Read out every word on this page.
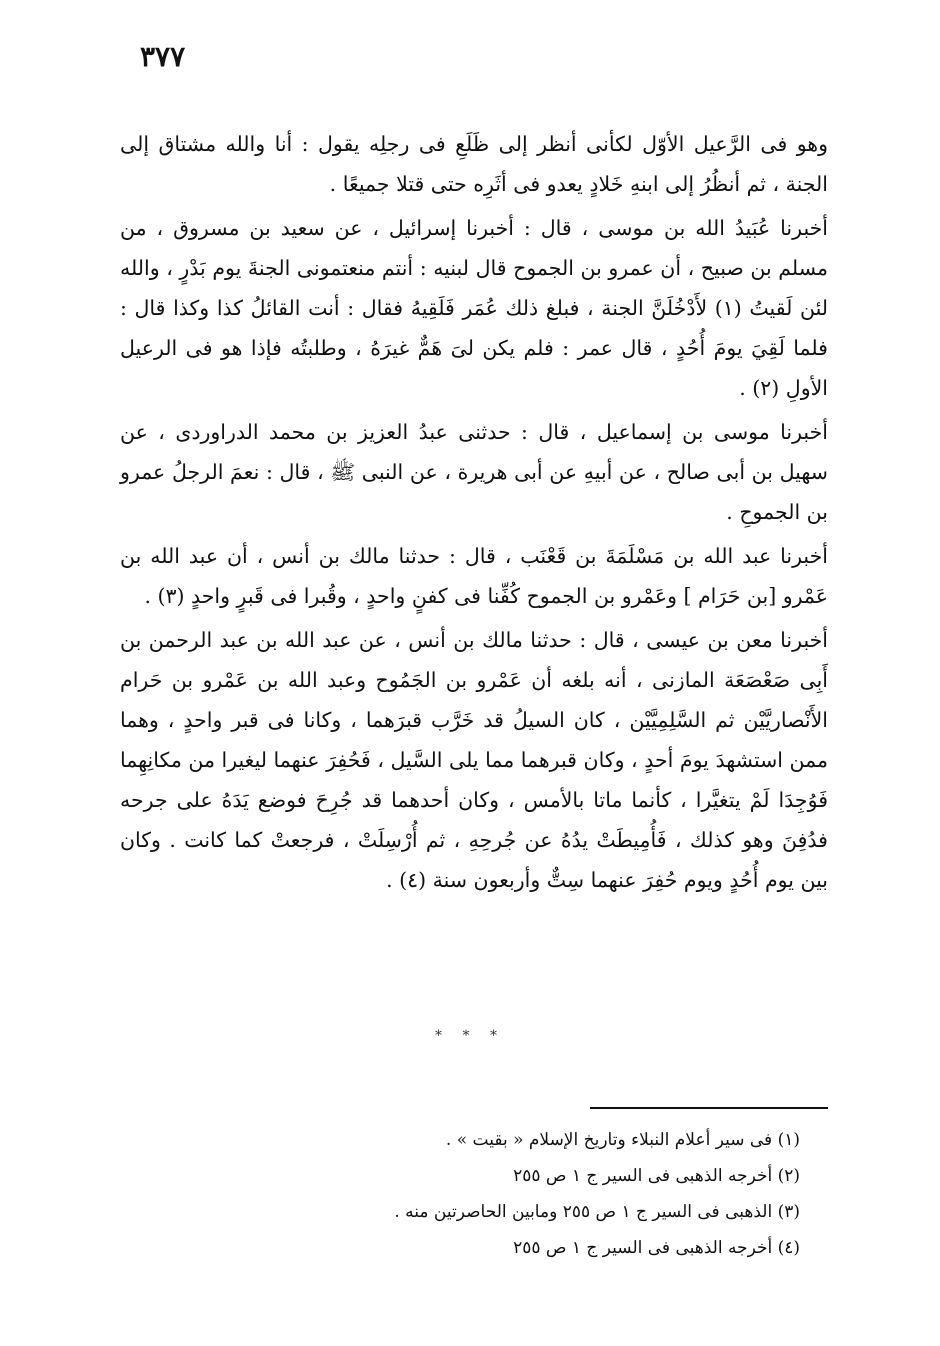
٣٧٧

وهو فى الرَّعيل الأوّل لكأنى أنظر إلى ظَلَعِ فى رجلِه يقول : أنا والله مشتاق إلى الجنة ، ثم أنظُرُ إلى ابنهِ خَلادٍ يعدو فى أثَرِه حتى قتلا جميعًا .

أخبرنا عُبَيدُ الله بن موسى ، قال : أخبرنا إسرائيل ، عن سعيد بن مسروق ، من مسلم بن صبيح ، أن عمرو بن الجموح قال لبنيه : أنتم منعتمونى الجنةَ يوم بَدْرٍ ، والله لئن لَقيتُ (١) لأَدْخُلَنَّ الجنة ، فبلغ ذلك عُمَر فَلَقِيهُ فقال : أنت القائلُ كذا وكذا قال : فلما لَقِيَ يومَ أُحُدٍ ، قال عمر : فلم يكن لىَ هَمٌّ غيرَهُ ، وطلبتُه فإذا هو فى الرعيل الأولِ (٢) .

أخبرنا موسى بن إسماعيل ، قال : حدثنى عبدُ العزيز بن محمد الدراوردى ، عن سهيل بن أبى صالح ، عن أبيهِ عن أبى هريرة ، عن النبى ﷺ ، قال : نعمَ الرجلُ عمرو بن الجموحِ .

أخبرنا عبد الله بن مَسْلَمَةَ بن قَعْنَب ، قال : حدثنا مالك بن أنس ، أن عبد الله بن عَمْرو [بن حَرَام ] وعَمْرو بن الجموح كُفِّنا فى كفنٍ واحدٍ ، وقُبرا فى قَبرٍ واحدٍ (٣) .

أخبرنا معن بن عيسى ، قال : حدثنا مالك بن أنس ، عن عبد الله بن عبد الرحمن بن أَبِى صَعْصَعَة المازنى ، أنه بلغه أن عَمْرو بن الجَمُوح وعبد الله بن عَمْرو بن حَرام الأَنْصاريَّيْن ثم السَّلِمِيَّيْن ، كان السيلُ قد خَرَّب قبرَهما ، وكانا فى قبر واحدٍ ، وهما ممن استشهدَ يومَ أحدٍ ، وكان قبرهما مما يلى السَّيل ، فَحُفِرَ عنهما ليغيرا من مكانِهِما فَوُجِدَا لَمْ يتغيَّرا ، كأنما ماتا بالأمس ، وكان أحدهما قد جُرِحَ فوضع يَدَهُ على جرحه فدُفِنَ وهو كذلك ، فَأُمِيطَتْ يدُهُ عن جُرحِهِ ، ثم أُرْسِلَتْ ، فرجعتْ كما كانت . وكان بين يوم أُحُدٍ ويوم حُفِرَ عنهما سِتٌّ وأربعون سنة (٤) .

* * *
(١) فى سير أعلام النبلاء وتاريخ الإسلام « بقيت » .
(٢) أخرجه الذهبى فى السير ج ١ ص ٢٥٥
(٣) الذهبى فى السير ج ١ ص ٢٥٥ ومابين الحاصرتين منه .
(٤) أخرجه الذهبى فى السير ج ١ ص ٢٥٥
